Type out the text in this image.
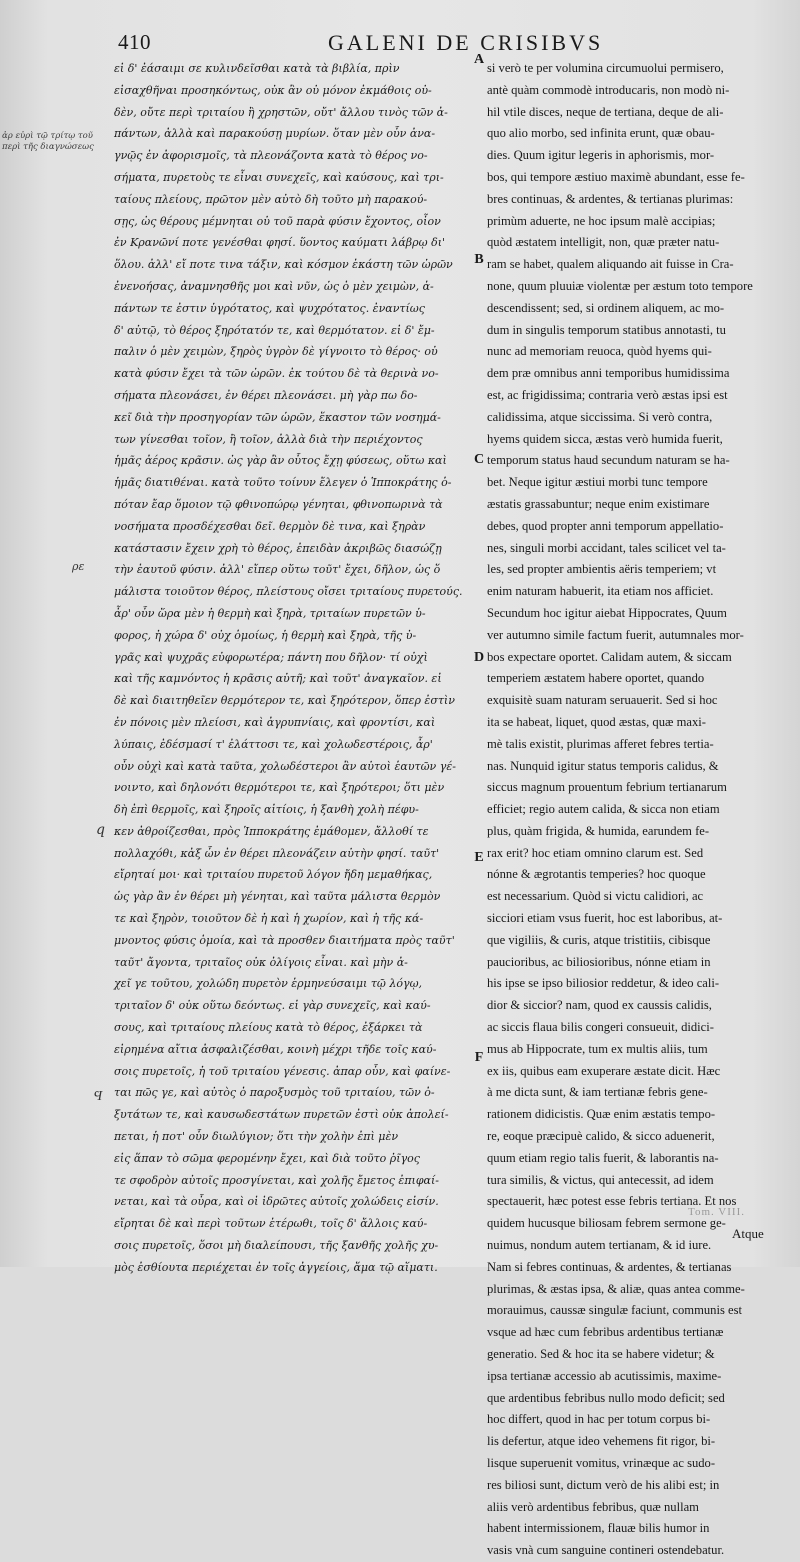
410	GALENI DE CRISIBVS
ἀρ εὐρὶ τῷ τρίτῳ τοῦ περὶ τῆς διαγνώσεως
q
ρε
Ϥ
εἰ δ' ἐάσαιμι σε κυλινδεῖσθαι κατὰ τὰ βιβλία, πρὶν
εἰσαχθῆναι προσηκόντως, οὐκ ἂν οὐ μόνον ἐκμάθοις οὐ-
δὲν, οὔτε περὶ τριταίου ἢ χρηστῶν, οὔτ' ἄλλου τινὸς τῶν ἀ-
πάντων, ἀλλὰ καὶ παρακούσῃ μυρίων. ὅταν μὲν οὖν ἀνα-
γνῷς ἐν ἀφορισμοῖς, τὰ πλεονάζοντα κατὰ τὸ θέρος νο-
σήματα, πυρετοὺς τε εἶναι συνεχεῖς, καὶ καύσους, καὶ τρι-
ταίους πλείους, πρῶτον μὲν αὐτὸ δὴ τοῦτο μὴ παρακού-
σῃς, ὡς θέρους μέμνηται οὐ τοῦ παρὰ φύσιν ἔχοντος, οἷον
ἐν Κρανῶνί ποτε γενέσθαι φησί. ὕοντος καύματι λάβρῳ δι'
ὅλου. ἀλλ' εἴ ποτε τινα τάξιν, καὶ κόσμον ἑκάστη τῶν ὡρῶν
ἐνενοήσας, ἀναμνησθῆς μοι καὶ νῦν, ὡς ὁ μὲν χειμὼν, ἁ-
πάντων τε ἐστιν ὑγρότατος, καὶ ψυχρότατος. ἐναντίως
δ' αὐτῷ, τὸ θέρος ξηρότατόν τε, καὶ θερμότατον. εἰ δ' ἔμ-
παλιν ὁ μὲν χειμὼν, ξηρὸς ὑγρὸν δὲ γίγνοιτο τὸ θέρος· οὐ
κατὰ φύσιν ἔχει τὰ τῶν ὡρῶν. ἐκ τούτου δὲ τὰ θερινὰ νο-
σήματα πλεονάσει, ἐν θέρει πλεονάσει. μὴ γὰρ πω δο-
κεῖ διὰ τὴν προσηγορίαν τῶν ὡρῶν, ἕκαστον τῶν νοσημά-
των γίνεσθαι τοῖον, ἢ τοῖον, ἀλλὰ διὰ τὴν περιέχοντος
ἡμᾶς ἀέρος κρᾶσιν. ὡς γὰρ ἂν οὗτος ἔχῃ φύσεως, οὕτω καὶ
ἡμᾶς διατιθέναι. κατὰ τοῦτο τοίνυν ἔλεγεν ὁ Ἱπποκράτης ὁ-
πόταν ἔαρ ὅμοιον τῷ φθινοπώρῳ γένηται, φθινοπωρινὰ τὰ
νοσήματα προσδέχεσθαι δεῖ. θερμὸν δὲ τινα, καὶ ξηρὰν
κατάστασιν ἔχειν χρὴ τὸ θέρος, ἐπειδὰν ἀκριβῶς διασώζῃ
τὴν ἑαυτοῦ φύσιν. ἀλλ' εἴπερ οὕτω τοῦτ' ἔχει, δῆλον, ὡς ὅ
μάλιστα τοιοῦτον θέρος, πλείστους οἴσει τριταίους πυρετούς.
ἆρ' οὖν ὥρα μὲν ἡ θερμὴ καὶ ξηρὰ, τριταίων πυρετῶν ὑ-
φορος, ἡ χώρα δ' οὐχ ὁμοίως, ἡ θερμὴ καὶ ξηρὰ, τῆς ὑ-
γρᾶς καὶ ψυχρᾶς εὐφορωτέρα; πάντη που δῆλον· τί οὐχὶ
καὶ τῆς καμνόντος ἡ κρᾶσις αὐτῆ; καὶ τοῦτ' ἀναγκαῖον. εἰ
δὲ καὶ διαιτηθεῖεν θερμότερον τε, καὶ ξηρότερον, ὅπερ ἐστὶν
ἐν πόνοις μὲν πλείοσι, καὶ ἀγρυπνίαις, καὶ φροντίσι, καὶ
λύπαις, ἐδέσμασί τ' ἐλάττοσι τε, καὶ χολωδεστέροις, ἆρ'
οὖν οὐχὶ καὶ κατὰ ταῦτα, χολωδέστεροι ἂν αὐτοὶ ἑαυτῶν γέ-
νοιντο, καὶ δηλονότι θερμότεροι τε, καὶ ξηρότεροι; ὅτι μὲν
δὴ ἐπὶ θερμοῖς, καὶ ξηροῖς αἰτίοις, ἡ ξανθὴ χολὴ πέφυ-
κεν ἀθροίζεσθαι, πρὸς Ἱπποκράτης ἐμάθομεν, ἄλλοθί τε
πολλαχόθι, κἀξ ὧν ἐν θέρει πλεονάζειν αὐτὴν φησί. ταῦτ'
εἴρηταί μοι· καὶ τριταίου πυρετοῦ λόγον ἤδη μεμαθήκας,
ὡς γὰρ ἂν ἐν θέρει μὴ γένηται, καὶ ταῦτα μάλιστα θερμὸν
τε καὶ ξηρὸν, τοιοῦτον δὲ ἡ καὶ ἡ χωρίον, καὶ ἡ τῆς κά-
μνοντος φύσις ὁμοία, καὶ τὰ προσθεν διαιτήματα πρὸς ταῦτ'
ταῦτ' ἄγοντα, τριταῖος οὐκ ὀλίγοις εἶναι. καὶ μὴν ἀ-
χεῖ γε τοῦτου, χολώδη πυρετὸν ἑρμηνεύσαιμι τῷ λόγῳ,
τριταῖον δ' οὐκ οὕτω δεόντως. εἰ γὰρ συνεχεῖς, καὶ καύ-
σους, καὶ τριταίους πλείους κατὰ τὸ θέρος, ἐξάρκει τὰ
εἰρημένα αἴτια ἀσφαλιζέσθαι, κοινὴ μέχρι τῆδε τοῖς καύ-
σοις πυρετοῖς, ἡ τοῦ τριταίου γένεσις. ἀπαρ οὖν, καὶ φαίνε-
ται πῶς γε, καὶ αὐτὸς ὁ παροξυσμὸς τοῦ τριταίου, τῶν ὀ-
ξυτάτων τε, καὶ καυσωδεστάτων πυρετῶν ἐστὶ οὐκ ἀπολεί-
πεται, ἡ ποτ' οὖν διωλύγιον; ὅτι τὴν χολὴν ἐπὶ μὲν
εἰς ἅπαν τὸ σῶμα φερομένην ἔχει, καὶ διὰ τοῦτο ῥῖγος
τε σφοδρὸν αὐτοῖς προσγίνεται, καὶ χολῆς ἔμετος ἐπιφαί-
νεται, καὶ τὰ οὖρα, καὶ οἱ ἱδρῶτες αὐτοῖς χολώδεις εἰσίν.
εἴρηται δὲ καὶ περὶ τοῦτων ἑτέρωθι, τοῖς δ' ἄλλοις καύ-
σοις πυρετοῖς, ὅσοι μὴ διαλείπουσι, τῆς ξανθῆς χολῆς χυ-
μὸς ἐσθίουτα περιέχεται ἐν τοῖς ἀγγείοις, ἅμα τῷ αἵματι.
si verò te per volumina circumuolui permisero,
antè quàm commodè introducaris, non modò ni-
hil vtile disces, neque de tertiana, deque de ali-
quo alio morbo, sed infinita erunt, quæ obau-
dies. Quum igitur legeris in aphorismis, mor-
bos, qui tempore æstiuo maximè abundant, esse fe-
bres continuas, & ardentes, & tertianas plurimas:
primùm aduerte, ne hoc ipsum malè accipias;
quòd æstatem intelligit, non, quæ præter natu-
ram se habet, qualem aliquando ait fuisse in Cra-
none, quum pluuiæ violentæ per æstum toto tempore
descendissent; sed, si ordinem aliquem, ac mo-
dum in singulis temporum statibus annotasti, tu
nunc ad memoriam reuoca, quòd hyems qui-
dem præ omnibus anni temporibus humidissima
est, ac frigidissima; contraria verò æstas ipsi est
calidissima, atque siccissima. Si verò contra,
hyems quidem sicca, æstas verò humida fuerit,
temporum status haud secundum naturam se ha-
bet. Neque igitur æstiui morbi tunc tempore
æstatis grassabuntur; neque enim existimare
debes, quod propter anni temporum appellatio-
nes, singuli morbi accidant, tales scilicet vel ta-
les, sed propter ambientis aëris temperiem; vt
enim naturam habuerit, ita etiam nos afficiet.
Secundum hoc igitur aiebat Hippocrates, Quum
ver autumno simile factum fuerit, autumnales mor-
bos expectare oportet. Calidam autem, & siccam
temperiem æstatem habere oportet, quando
exquisitè suam naturam seruauerit. Sed si hoc
ita se habeat, liquet, quod æstas, quæ maxi-
mè talis existit, plurimas afferet febres tertia-
nas. Nunquid igitur status temporis calidus, &
siccus magnum prouentum febrium tertianarum
efficiet; regio autem calida, & sicca non etiam
plus, quàm frigida, & humida, earundem fe-
rax erit? hoc etiam omnino clarum est. Sed
nónne & ægrotantis temperies? hoc quoque
est necessarium. Quòd si victu calidiori, ac
sicciori etiam vsus fuerit, hoc est laboribus, at-
que vigiliis, & curis, atque tristitiis, cibisque
paucioribus, ac biliosioribus, nónne etiam in
his ipse se ipso biliosior reddetur, & ideo cali-
dior & siccior? nam, quod ex caussis calidis,
ac siccis flaua bilis congeri consueuit, didici-
mus ab Hippocrate, tum ex multis aliis, tum
ex iis, quibus eam exuperare æstate dicit. Hæc
à me dicta sunt, & iam tertianæ febris gene-
rationem didicistis. Quæ enim æstatis tempo-
re, eoque præcipuè calido, & sicco aduenerit,
quum etiam regio talis fuerit, & laborantis na-
tura similis, & victus, qui antecessit, ad idem
spectauerit, hæc potest esse febris tertiana. Et nos
quidem hucusque biliosam febrem sermone ge-
nuimus, nondum autem tertianam, & id iure.
Nam si febres continuas, & ardentes, & tertianas
plurimas, & æstas ipsa, & aliæ, quas antea comme-
morauimus, caussæ singulæ faciunt, communis est
vsque ad hæc cum febribus ardentibus tertianæ
generatio. Sed & hoc ita se habere videtur; &
ipsa tertianæ accessio ab acutissimis, maxime-
que ardentibus febribus nullo modo deficit; sed
hoc differt, quod in hac per totum corpus bi-
lis defertur, atque ideo vehemens fit rigor, bi-
lisque superuenit vomitus, vrinæque ac sudo-
res biliosi sunt, dictum verò de his alibi est; in
aliis verò ardentibus febribus, quæ nullam
habent intermissionem, flauæ bilis humor in
vasis vnà cum sanguine contineri ostendebatur.
A
B
C
D
E
F
Tom. VIII.
Atque
